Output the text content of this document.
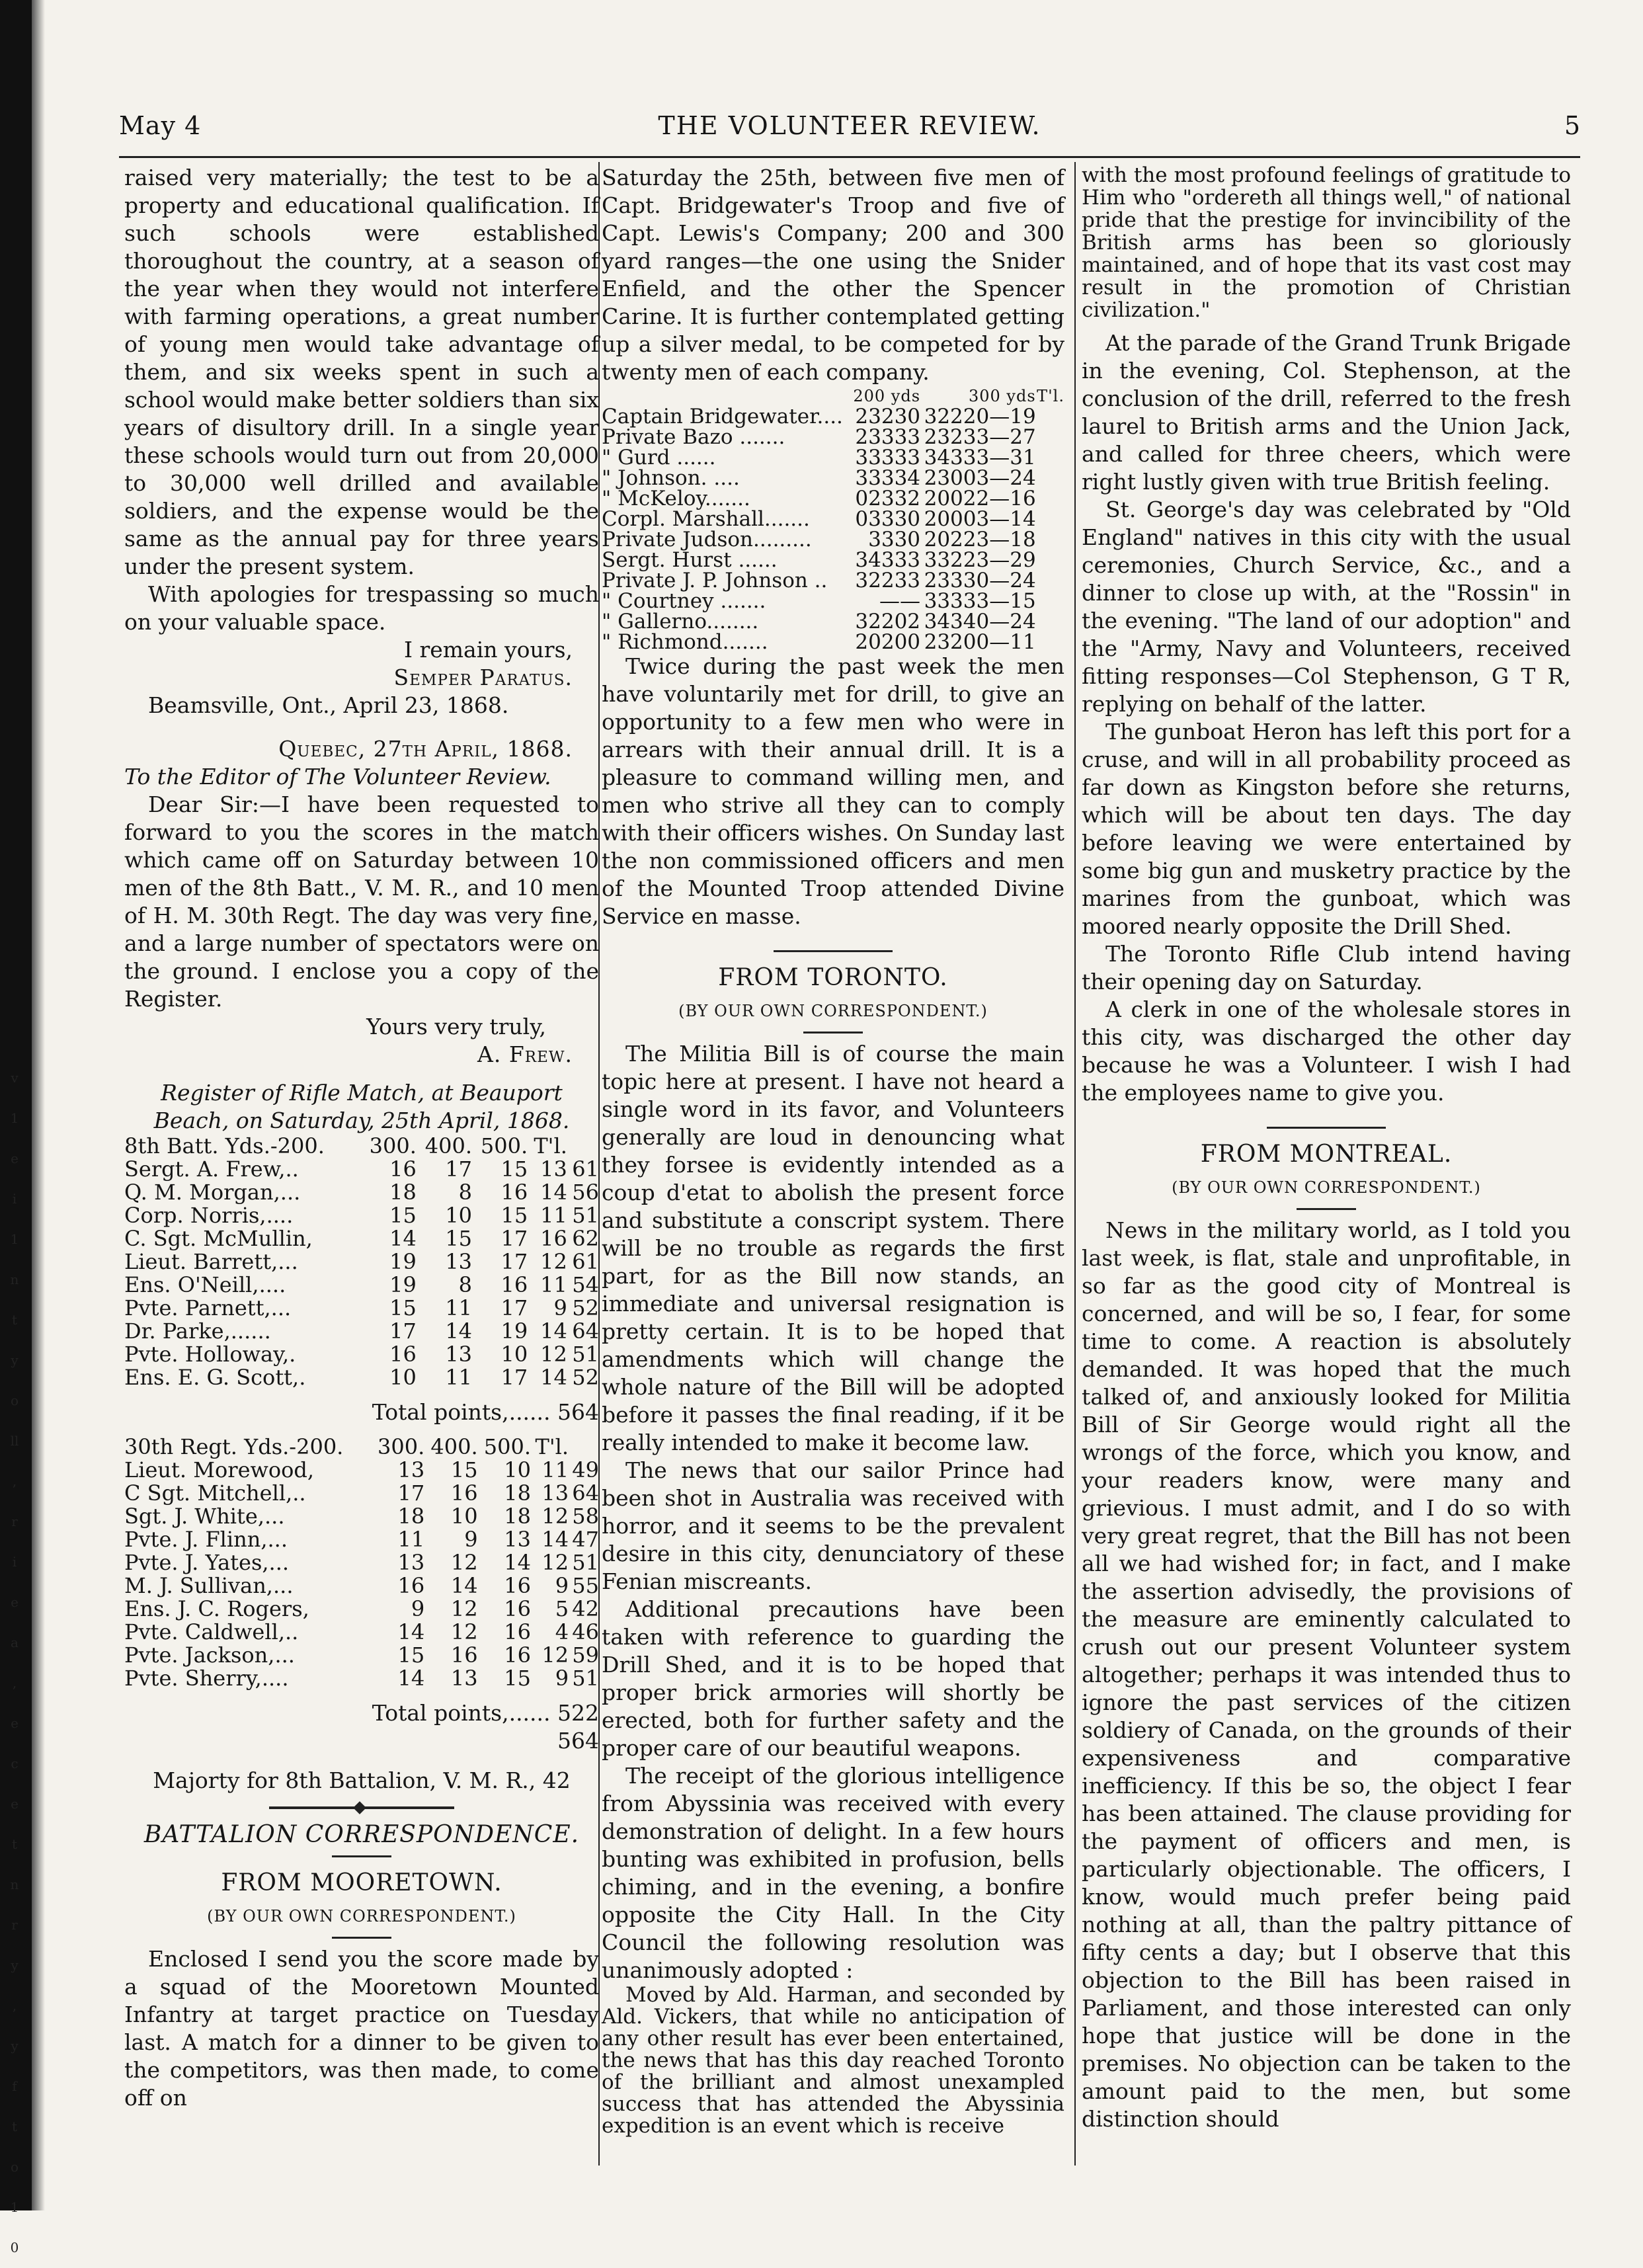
v 1 e i 1 n t y o ll , r i e a , e c e t n r y , y f t o 1 0
May 4	THE VOLUNTEER REVIEW.	5

raised very materially; the test to be a property and educational qualification. If such schools were established thoroughout the country, at a season of the year when they would not interfere with farming operations, a great number of young men would take advantage of them, and six weeks spent in such a school would make better soldiers than six years of disultory drill. In a single year these schools would turn out from 20,000 to 30,000 well drilled and available soldiers, and the expense would be the same as the annual pay for three years under the present system.

With apologies for trespassing so much on your valuable space.

I remain yours,
Semper Paratus.

Beamsville, Ont., April 23, 1868.

Quebec, 27th April, 1868.

To the Editor of The Volunteer Review.

Dear Sir:—I have been requested to forward to you the scores in the match which came off on Saturday between 10 men of the 8th Batt., V. M. R., and 10 men of H. M. 30th Regt. The day was very fine, and a large number of spectators were on the ground. I enclose you a copy of the Register.

Yours very truly,
A. Frew.
Register of Rifle Match, at Beauport Beach, on Saturday, 25th April, 1868.
8th Batt. Yds.-200.	300.	400.	500.	T'l.	
Sergt. A. Frew,..	16	17	15	13	61
Q. M. Morgan,...	18	8	16	14	56
Corp. Norris,....	15	10	15	11	51
C. Sgt. McMullin,	14	15	17	16	62
Lieut. Barrett,...	19	13	17	12	61
Ens. O'Neill,....	19	8	16	11	54
Pvte. Parnett,...	15	11	17	9	52
Dr. Parke,......	17	14	19	14	64
Pvte. Holloway,.	16	13	10	12	51
Ens. E. G. Scott,.	10	11	17	14	52
Total points,...... 564
30th Regt. Yds.-200.	300.	400.	500.	T'l.	
Lieut. Morewood,	13	15	10	11	49
C Sgt. Mitchell,..	17	16	18	13	64
Sgt. J. White,...	18	10	18	12	58
Pvte. J. Flinn,...	11	9	13	14	47
Pvte. J. Yates,...	13	12	14	12	51
M. J. Sullivan,...	16	14	16	9	55
Ens. J. C. Rogers,	9	12	16	5	42
Pvte. Caldwell,..	14	12	16	4	46
Pvte. Jackson,...	15	16	16	12	59
Pvte. Sherry,....	14	13	15	9	51
Total points,...... 522
564
Majorty for 8th Battalion, V. M. R., 42
BATTALION CORRESPONDENCE.
FROM MOORETOWN.
(BY OUR OWN CORRESPONDENT.)

Enclosed I send you the score made by a squad of the Mooretown Mounted Infantry at target practice on Tuesday last. A match for a dinner to be given to the competitors, was then made, to come off on

Saturday the 25th, between five men of Capt. Bridgewater's Troop and five of Capt. Lewis's Company; 200 and 300 yard ranges—the one using the Snider Enfield, and the other the Spencer Carine. It is further contemplated getting up a silver medal, to be competed for by twenty men of each company.

	200 yds	300 yds	T'l.
Captain Bridgewater....	23230	32220—19	
Private Bazo .......	23333	23233—27	
" Gurd ......	33333	34333—31	
" Johnson. ....	33334	23003—24	
" McKeloy.......	02332	20022—16	
Corpl. Marshall.......	03330	20003—14	
Private Judson.........	3330	20223—18	
Sergt. Hurst ......	34333	33223—29	
Private J. P. Johnson ..	32233	23330—24	
" Courtney .......	——	33333—15	
" Gallerno........	32202	34340—24	
" Richmond.......	20200	23200—11	

Twice during the past week the men have voluntarily met for drill, to give an opportunity to a few men who were in arrears with their annual drill. It is a pleasure to command willing men, and men who strive all they can to comply with their officers wishes. On Sunday last the non commissioned officers and men of the Mounted Troop attended Divine Service en masse.

FROM TORONTO.
(BY OUR OWN CORRESPONDENT.)

The Militia Bill is of course the main topic here at present. I have not heard a single word in its favor, and Volunteers generally are loud in denouncing what they forsee is evidently intended as a coup d'etat to abolish the present force and substitute a conscript system. There will be no trouble as regards the first part, for as the Bill now stands, an immediate and universal resignation is pretty certain. It is to be hoped that amendments which will change the whole nature of the Bill will be adopted before it passes the final reading, if it be really intended to make it become law.

The news that our sailor Prince had been shot in Australia was received with horror, and it seems to be the prevalent desire in this city, denunciatory of these Fenian miscreants.

Additional precautions have been taken with reference to guarding the Drill Shed, and it is to be hoped that proper brick armories will shortly be erected, both for further safety and the proper care of our beautiful weapons.

The receipt of the glorious intelligence from Abyssinia was received with every demonstration of delight. In a few hours bunting was exhibited in profusion, bells chiming, and in the evening, a bonfire opposite the City Hall. In the City Council the following resolution was unanimously adopted :

Moved by Ald. Harman, and seconded by Ald. Vickers, that while no anticipation of any other result has ever been entertained, the news that has this day reached Toronto of the brilliant and almost unexampled success that has attended the Abyssinia expedition is an event which is receive

with the most profound feelings of gratitude to Him who "ordereth all things well," of national pride that the prestige for invincibility of the British arms has been so gloriously maintained, and of hope that its vast cost may result in the promotion of Christian civilization."

At the parade of the Grand Trunk Brigade in the evening, Col. Stephenson, at the conclusion of the drill, referred to the fresh laurel to British arms and the Union Jack, and called for three cheers, which were right lustly given with true British feeling.

St. George's day was celebrated by "Old England" natives in this city with the usual ceremonies, Church Service, &c., and a dinner to close up with, at the "Rossin" in the evening. "The land of our adoption" and the "Army, Navy and Volunteers, received fitting responses—Col Stephenson, G T R, replying on behalf of the latter.

The gunboat Heron has left this port for a cruse, and will in all probability proceed as far down as Kingston before she returns, which will be about ten days. The day before leaving we were entertained by some big gun and musketry practice by the marines from the gunboat, which was moored nearly opposite the Drill Shed.

The Toronto Rifle Club intend having their opening day on Saturday.

A clerk in one of the wholesale stores in this city, was discharged the other day because he was a Volunteer. I wish I had the employees name to give you.

FROM MONTREAL.
(BY OUR OWN CORRESPONDENT.)

News in the military world, as I told you last week, is flat, stale and unprofitable, in so far as the good city of Montreal is concerned, and will be so, I fear, for some time to come. A reaction is absolutely demanded. It was hoped that the much talked of, and anxiously looked for Militia Bill of Sir George would right all the wrongs of the force, which you know, and your readers know, were many and grievious. I must admit, and I do so with very great regret, that the Bill has not been all we had wished for; in fact, and I make the assertion advisedly, the provisions of the measure are eminently calculated to crush out our present Volunteer system altogether; perhaps it was intended thus to ignore the past services of the citizen soldiery of Canada, on the grounds of their expensiveness and comparative inefficiency. If this be so, the object I fear has been attained. The clause providing for the payment of officers and men, is particularly objectionable. The officers, I know, would much prefer being paid nothing at all, than the paltry pittance of fifty cents a day; but I observe that this objection to the Bill has been raised in Parliament, and those interested can only hope that justice will be done in the premises. No objection can be taken to the amount paid to the men, but some distinction should
